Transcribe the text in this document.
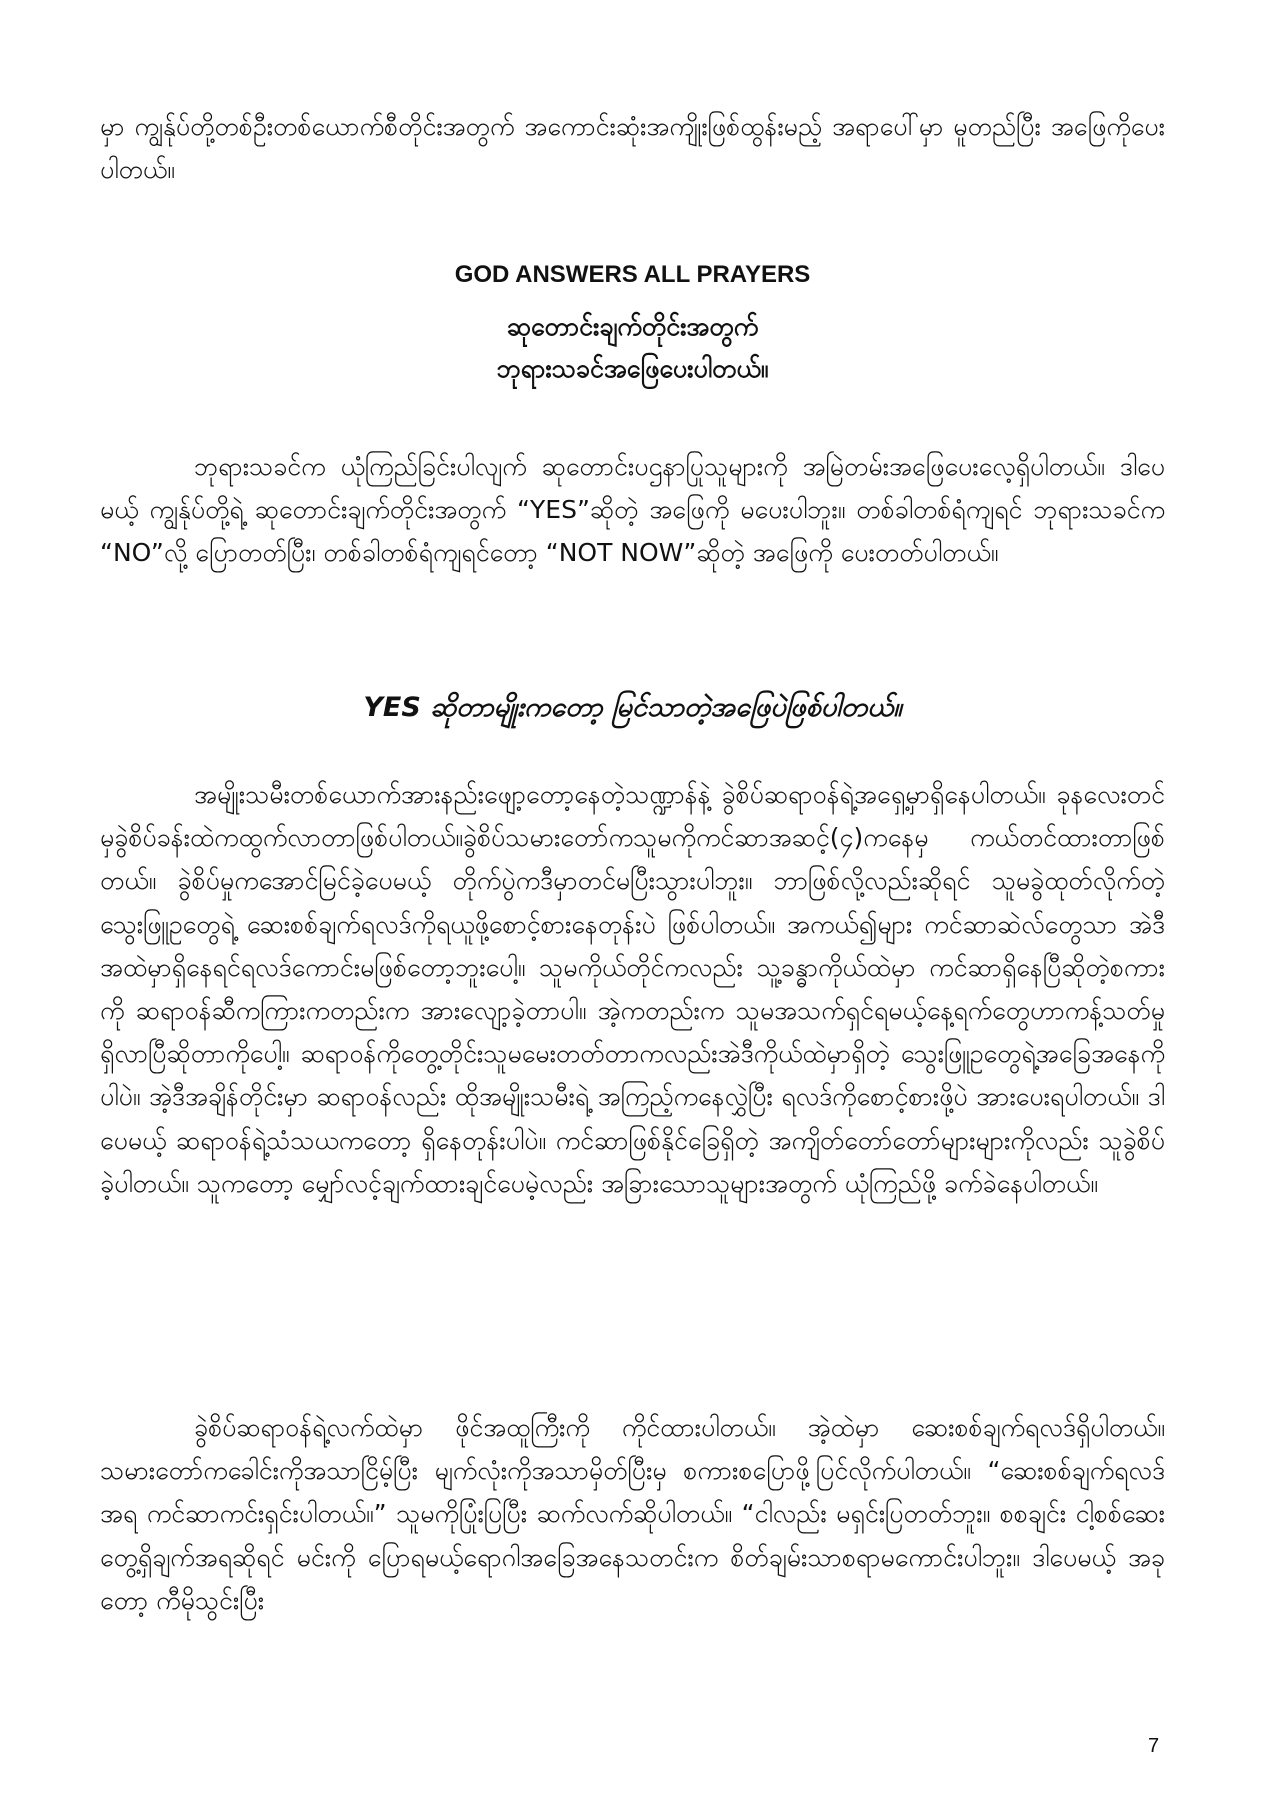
မှာ ကျွန်ုပ်တို့တစ်ဦးတစ်ယောက်စီတိုင်းအတွက် အကောင်းဆုံးအကျိုးဖြစ်ထွန်းမည့် အရာပေါ်မှာ မူတည်ပြီး အဖြေကိုပေးပါတယ်။

GOD ANSWERS ALL PRAYERS
ဆုတောင်းချက်တိုင်းအတွက်
ဘုရားသခင်အဖြေပေးပါတယ်။

ဘုရားသခင်က ယုံကြည်ခြင်းပါလျက် ဆုတောင်းပဌနာပြုသူများကို အမြဲတမ်းအဖြေပေးလေ့ရှိပါတယ်။ ဒါပေမယ့် ကျွန်ုပ်တို့ရဲ့ ဆုတောင်းချက်တိုင်းအတွက် “YES”ဆိုတဲ့ အဖြေကို မပေးပါဘူး။ တစ်ခါတစ်ရံကျရင် ဘုရားသခင်က “NO”လို့ ပြောတတ်ပြီး၊ တစ်ခါတစ်ရံကျရင်တော့ “NOT NOW”ဆိုတဲ့ အဖြေကို ပေးတတ်ပါတယ်။

YES ဆိုတာမျိုးကတော့ မြင်သာတဲ့အဖြေပဲဖြစ်ပါတယ်။

အမျိုးသမီးတစ်ယောက်အားနည်းဖျော့တော့နေတဲ့သဏ္ဍာန်နဲ့ ခွဲစိပ်ဆရာဝန်ရဲ့အရှေ့မှာရှိနေပါတယ်။ ခုနလေးတင်မှခွဲစိပ်ခန်းထဲကထွက်လာတာဖြစ်ပါတယ်။ခွဲစိပ်သမားတော်ကသူမကိုကင်ဆာအဆင့်(၄)ကနေမှ ကယ်တင်ထားတာဖြစ်တယ်။ ခွဲစိပ်မှုကအောင်မြင်ခဲ့ပေမယ့် တိုက်ပွဲကဒီမှာတင်မပြီးသွားပါဘူး။ ဘာဖြစ်လို့လည်းဆိုရင် သူမခွဲထုတ်လိုက်တဲ့သွေးဖြူဥတွေရဲ့ ဆေးစစ်ချက်ရလဒ်ကိုရယူဖို့စောင့်စားနေတုန်းပဲ ဖြစ်ပါတယ်။ အကယ်၍များ ကင်ဆာဆဲလ်တွေသာ အဲဒီအထဲမှာရှိနေရင်ရလဒ်ကောင်းမဖြစ်တော့ဘူးပေါ့။ သူမကိုယ်တိုင်ကလည်း သူ့ခန္ဓာကိုယ်ထဲမှာ ကင်ဆာရှိနေပြီဆိုတဲ့စကားကို ဆရာဝန်ဆီကကြားကတည်းက အားလျော့ခဲ့တာပါ။ အဲ့ကတည်းက သူမအသက်ရှင်ရမယ့်နေ့ရက်တွေဟာကန့်သတ်မှုရှိလာပြီဆိုတာကိုပေါ့။ ဆရာဝန်ကိုတွေ့တိုင်းသူမမေးတတ်တာကလည်းအဲဒီကိုယ်ထဲမှာရှိတဲ့ သွေးဖြူဥတွေရဲ့အခြေအနေကိုပါပဲ။ အဲ့ဒီအချိန်တိုင်းမှာ ဆရာဝန်လည်း ထိုအမျိုးသမီးရဲ့ အကြည့်ကနေလွှဲပြီး ရလဒ်ကိုစောင့်စားဖို့ပဲ အားပေးရပါတယ်။ ဒါပေမယ့် ဆရာဝန်ရဲ့သံသယကတော့ ရှိနေတုန်းပါပဲ။ ကင်ဆာဖြစ်နိုင်ခြေရှိတဲ့ အကျိတ်တော်တော်များများကိုလည်း သူခွဲစိပ်ခဲ့ပါတယ်။ သူကတော့ မျှော်လင့်ချက်ထားချင်ပေမဲ့လည်း အခြားသောသူများအတွက် ယုံကြည်ဖို့ ခက်ခဲနေပါတယ်။

ခွဲစိပ်ဆရာဝန်ရဲ့လက်ထဲမှာ ဖိုင်အထူကြီးကို ကိုင်ထားပါတယ်။ အဲ့ထဲမှာ ဆေးစစ်ချက်ရလဒ်ရှိပါတယ်။ သမားတော်ကခေါင်းကိုအသာငြိမ့်ပြီး မျက်လုံးကိုအသာမှိတ်ပြီးမှ စကားစပြောဖို့ပြင်လိုက်ပါတယ်။ “ဆေးစစ်ချက်ရလဒ်အရ ကင်ဆာကင်းရှင်းပါတယ်။” သူမကိုပြုံးပြပြီး ဆက်လက်ဆိုပါတယ်။ “ငါလည်း မရှင်းပြတတ်ဘူး။ စစချင်း ငါ့စစ်ဆေးတွေ့ရှိချက်အရဆိုရင် မင်းကို ပြောရမယ့်ရောဂါအခြေအနေသတင်းက စိတ်ချမ်းသာစရာမကောင်းပါဘူး။ ဒါပေမယ့် အခုတော့ ကီမိုသွင်းပြီး

7
